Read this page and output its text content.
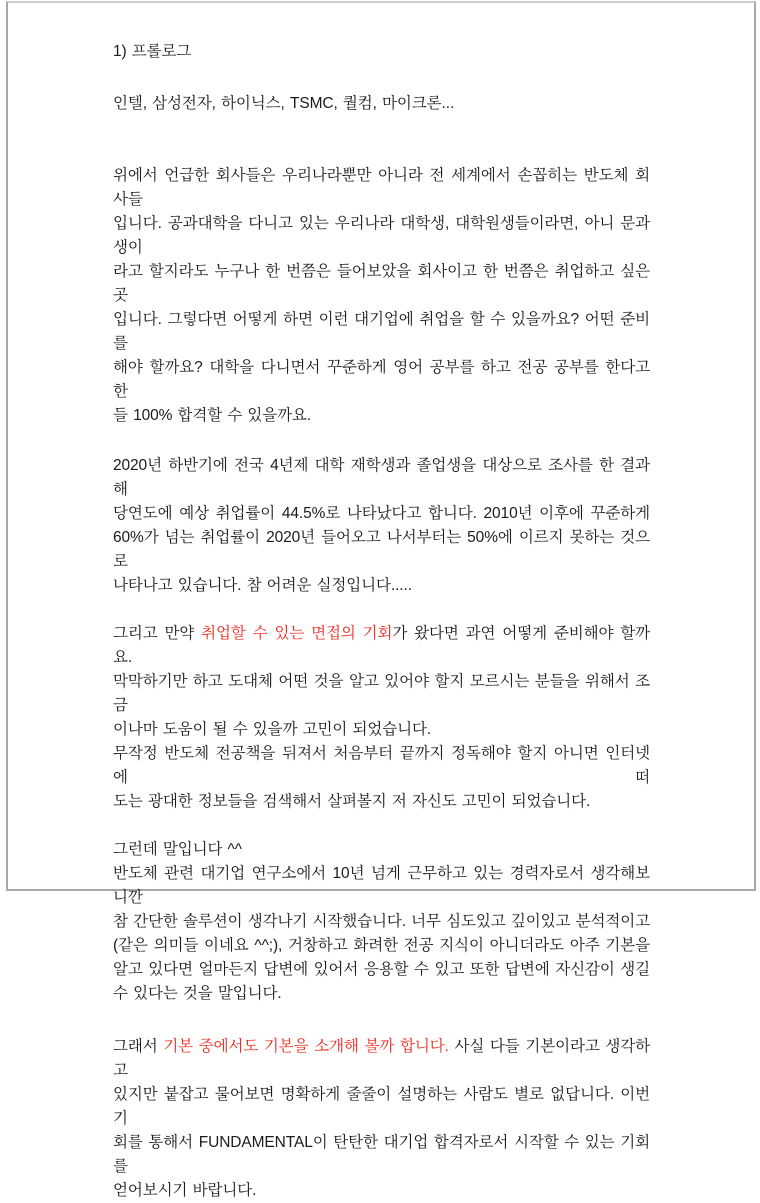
1) 프롤로그
인텔, 삼성전자, 하이닉스, TSMC, 퀄컴, 마이크론...
위에서 언급한 회사들은 우리나라뿐만 아니라 전 세계에서 손꼽히는 반도체 회사들
입니다. 공과대학을 다니고 있는 우리나라 대학생, 대학원생들이라면, 아니 문과생이
라고 할지라도 누구나 한 번쯤은 들어보았을 회사이고 한 번쯤은 취업하고 싶은 곳
입니다. 그렇다면 어떻게 하면 이런 대기업에 취업을 할 수 있을까요? 어떤 준비를
해야 할까요? 대학을 다니면서 꾸준하게 영어 공부를 하고 전공 공부를 한다고 한
들 100% 합격할 수 있을까요.
2020년 하반기에 전국 4년제 대학 재학생과 졸업생을 대상으로 조사를 한 결과 해
당연도에 예상 취업률이 44.5%로 나타났다고 합니다. 2010년 이후에 꾸준하게
60%가 넘는 취업률이 2020년 들어오고 나서부터는 50%에 이르지 못하는 것으로
나타나고 있습니다. 참 어려운 실정입니다.....
그리고 만약 취업할 수 있는 면접의 기회가 왔다면 과연 어떻게 준비해야 할까요.
막막하기만 하고 도대체 어떤 것을 알고 있어야 할지 모르시는 분들을 위해서 조금
이나마 도움이 될 수 있을까 고민이 되었습니다.
무작정 반도체 전공책을 뒤져서 처음부터 끝까지 정독해야 할지 아니면 인터넷에 떠
도는 광대한 정보들을 검색해서 살펴볼지 저 자신도 고민이 되었습니다.
그런데 말입니다 ^^
반도체 관련 대기업 연구소에서 10년 넘게 근무하고 있는 경력자로서 생각해보니깐
참 간단한 솔루션이 생각나기 시작했습니다. 너무 심도있고 깊이있고 분석적이고
(같은 의미들 이네요 ^^;), 거창하고 화려한 전공 지식이 아니더라도 아주 기본을
알고 있다면 얼마든지 답변에 있어서 응용할 수 있고 또한 답변에 자신감이 생길
수 있다는 것을 말입니다.
그래서 기본 중에서도 기본을 소개해 볼까 합니다. 사실 다들 기본이라고 생각하고
있지만 붙잡고 물어보면 명확하게 줄줄이 설명하는 사람도 별로 없답니다. 이번 기
회를 통해서 FUNDAMENTAL이 탄탄한 대기업 합격자로서 시작할 수 있는 기회를
얻어보시기 바랍니다.
